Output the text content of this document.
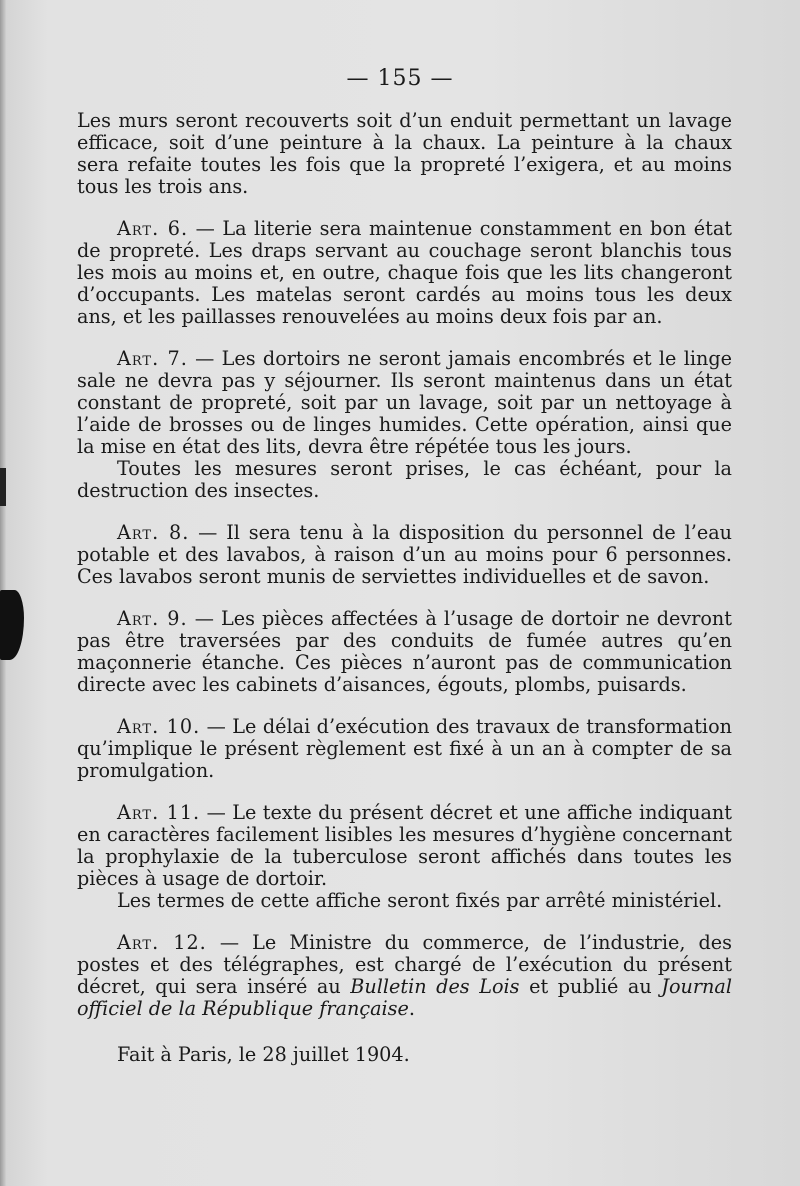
— 155 —

Les murs seront recouverts soit d’un enduit permettant un lavage efficace, soit d’une peinture à la chaux. La peinture à la chaux sera refaite toutes les fois que la propreté l’exigera, et au moins tous les trois ans.

Art. 6. — La literie sera maintenue constamment en bon état de propreté. Les draps servant au couchage seront blanchis tous les mois au moins et, en outre, chaque fois que les lits changeront d’occupants. Les matelas seront cardés au moins tous les deux ans, et les paillasses renouvelées au moins deux fois par an.

Art. 7. — Les dortoirs ne seront jamais encombrés et le linge sale ne devra pas y séjourner. Ils seront maintenus dans un état constant de propreté, soit par un lavage, soit par un nettoyage à l’aide de brosses ou de linges humides. Cette opération, ainsi que la mise en état des lits, devra être répétée tous les jours.

Toutes les mesures seront prises, le cas échéant, pour la destruction des insectes.

Art. 8. — Il sera tenu à la disposition du personnel de l’eau potable et des lavabos, à raison d’un au moins pour 6 personnes. Ces lavabos seront munis de serviettes individuelles et de savon.

Art. 9. — Les pièces affectées à l’usage de dortoir ne devront pas être traversées par des conduits de fumée autres qu’en maçonnerie étanche. Ces pièces n’auront pas de communication directe avec les cabinets d’aisances, égouts, plombs, puisards.

Art. 10. — Le délai d’exécution des travaux de transformation qu’implique le présent règlement est fixé à un an à compter de sa promulgation.

Art. 11. — Le texte du présent décret et une affiche indiquant en caractères facilement lisibles les mesures d’hygiène concernant la prophylaxie de la tuberculose seront affichés dans toutes les pièces à usage de dortoir.

Les termes de cette affiche seront fixés par arrêté ministériel.

Art. 12. — Le Ministre du commerce, de l’industrie, des postes et des télégraphes, est chargé de l’exécution du présent décret, qui sera inséré au Bulletin des Lois et publié au Journal officiel de la République française.

Fait à Paris, le 28 juillet 1904.
